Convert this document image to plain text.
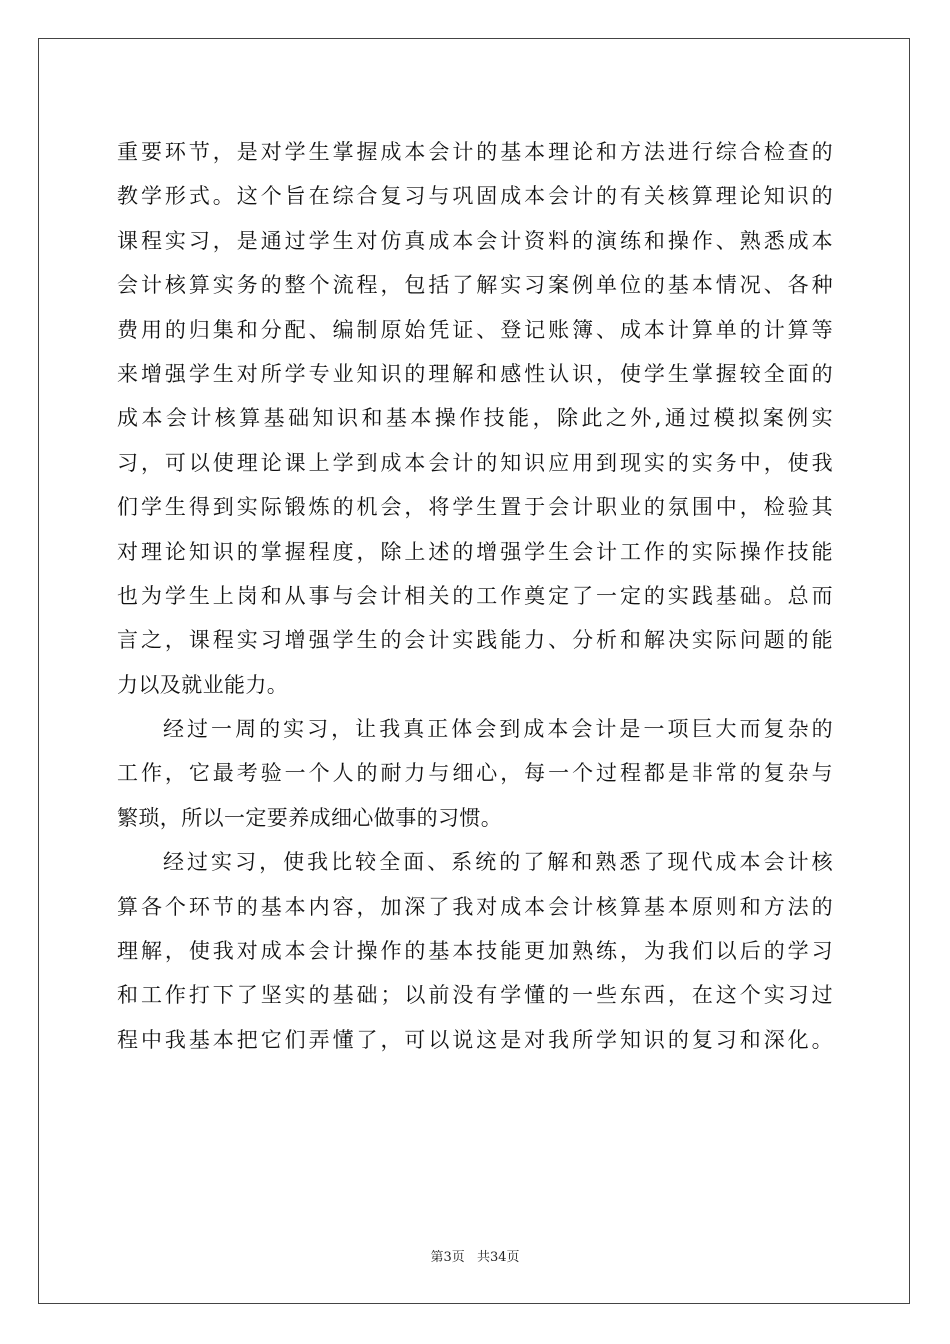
重要环节，是对学生掌握成本会计的基本理论和方法进行综合检查的
教学形式。这个旨在综合复习与巩固成本会计的有关核算理论知识的
课程实习，是通过学生对仿真成本会计资料的演练和操作、熟悉成本
会计核算实务的整个流程，包括了解实习案例单位的基本情况、各种
费用的归集和分配、编制原始凭证、登记账簿、成本计算单的计算等
来增强学生对所学专业知识的理解和感性认识，使学生掌握较全面的
成本会计核算基础知识和基本操作技能，除此之外,通过模拟案例实
习，可以使理论课上学到成本会计的知识应用到现实的实务中，使我
们学生得到实际锻炼的机会，将学生置于会计职业的氛围中，检验其
对理论知识的掌握程度，除上述的增强学生会计工作的实际操作技能
也为学生上岗和从事与会计相关的工作奠定了一定的实践基础。总而
言之，课程实习增强学生的会计实践能力、分析和解决实际问题的能
力以及就业能力。
经过一周的实习，让我真正体会到成本会计是一项巨大而复杂的
工作，它最考验一个人的耐力与细心，每一个过程都是非常的复杂与
繁琐，所以一定要养成细心做事的习惯。
经过实习，使我比较全面、系统的了解和熟悉了现代成本会计核
算各个环节的基本内容，加深了我对成本会计核算基本原则和方法的
理解，使我对成本会计操作的基本技能更加熟练，为我们以后的学习
和工作打下了坚实的基础；以前没有学懂的一些东西，在这个实习过
程中我基本把它们弄懂了，可以说这是对我所学知识的复习和深化。
第3页 共34页
